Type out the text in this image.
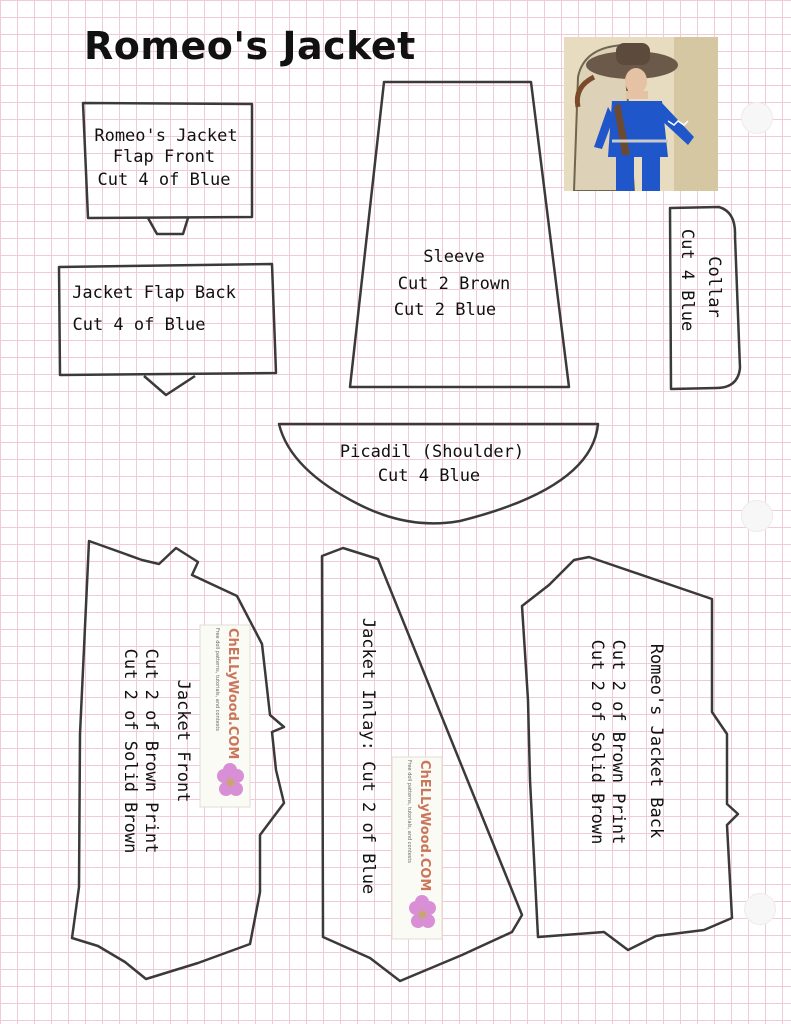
Romeo's Jacket
Romeo's Jacket
Flap Front
Cut 4 of Blue
Jacket Flap Back
Cut 4 of Blue
Sleeve
Cut 2 Brown
Cut 2 Blue
Picadil (Shoulder)
Cut 4 Blue
Collar
Cut 4 Blue
Jacket Front
Cut 2 of Brown Print
Cut 2 of Solid Brown	Jacket Inlay: Cut 2 of Blue	Romeo's Jacket Back
Cut 2 of Brown Print
Cut 2 of Solid Brown
ChELLyWood.COM
Free doll patterns, tutorials, and contests
ChELLyWood.COM
Free doll patterns, tutorials, and contests
